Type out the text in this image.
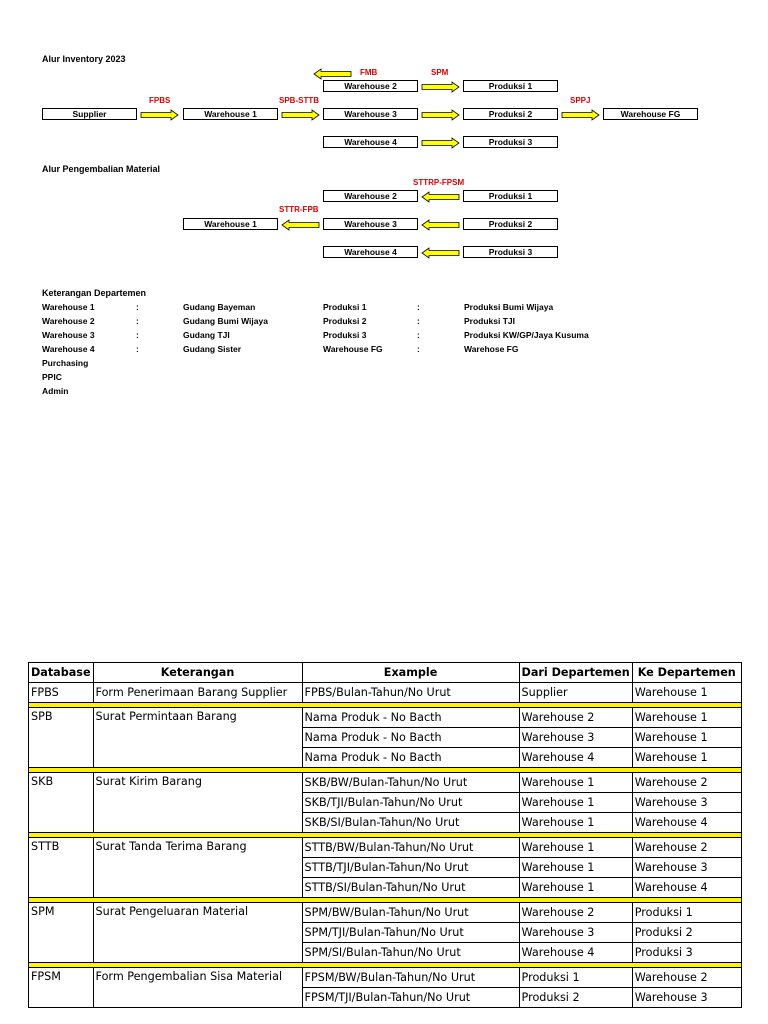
Alur Inventory 2023
FMB	SPM
FPBS	SPB-STTB	SPPJ
Warehouse 2	Produksi 1
Supplier	Warehouse 1	Warehouse 3	Produksi 2	Warehouse FG
Warehouse 4	Produksi 3
Alur Pengembalian Material
STTRP-FPSM
STTR-FPB
Warehouse 2	Produksi 1
Warehouse 1	Warehouse 3	Produksi 2
Warehouse 4	Produksi 3
Keterangan Departemen
Warehouse 1	:	Gudang Bayeman	Produksi 1	:	Produksi Bumi Wijaya
Warehouse 2	:	Gudang Bumi Wijaya	Produksi 2	:	Produksi TJI
Warehouse 3	:	Gudang TJI	Produksi 3	:	Produksi KW/GP/Jaya Kusuma
Warehouse 4	:	Gudang Sister	Warehouse FG	:	Warehose FG
Purchasing
PPIC
Admin
Database	Keterangan	Example	Dari Departemen	Ke Departemen
FPBS	Form Penerimaan Barang Supplier	FPBS/Bulan-Tahun/No Urut	Supplier	Warehouse 1

SPB	Surat Permintaan Barang	Nama Produk - No Bacth	Warehouse 2	Warehouse 1
		Nama Produk - No Bacth	Warehouse 3	Warehouse 1
		Nama Produk - No Bacth	Warehouse 4	Warehouse 1

SKB	Surat Kirim Barang	SKB/BW/Bulan-Tahun/No Urut	Warehouse 1	Warehouse 2
		SKB/TJI/Bulan-Tahun/No Urut	Warehouse 1	Warehouse 3
		SKB/SI/Bulan-Tahun/No Urut	Warehouse 1	Warehouse 4

STTB	Surat Tanda Terima Barang	STTB/BW/Bulan-Tahun/No Urut	Warehouse 1	Warehouse 2
		STTB/TJI/Bulan-Tahun/No Urut	Warehouse 1	Warehouse 3
		STTB/SI/Bulan-Tahun/No Urut	Warehouse 1	Warehouse 4

SPM	Surat Pengeluaran Material	SPM/BW/Bulan-Tahun/No Urut	Warehouse 2	Produksi 1
		SPM/TJI/Bulan-Tahun/No Urut	Warehouse 3	Produksi 2
		SPM/SI/Bulan-Tahun/No Urut	Warehouse 4	Produksi 3

FPSM	Form Pengembalian Sisa Material	FPSM/BW/Bulan-Tahun/No Urut	Produksi 1	Warehouse 2
		FPSM/TJI/Bulan-Tahun/No Urut	Produksi 2	Warehouse 3
